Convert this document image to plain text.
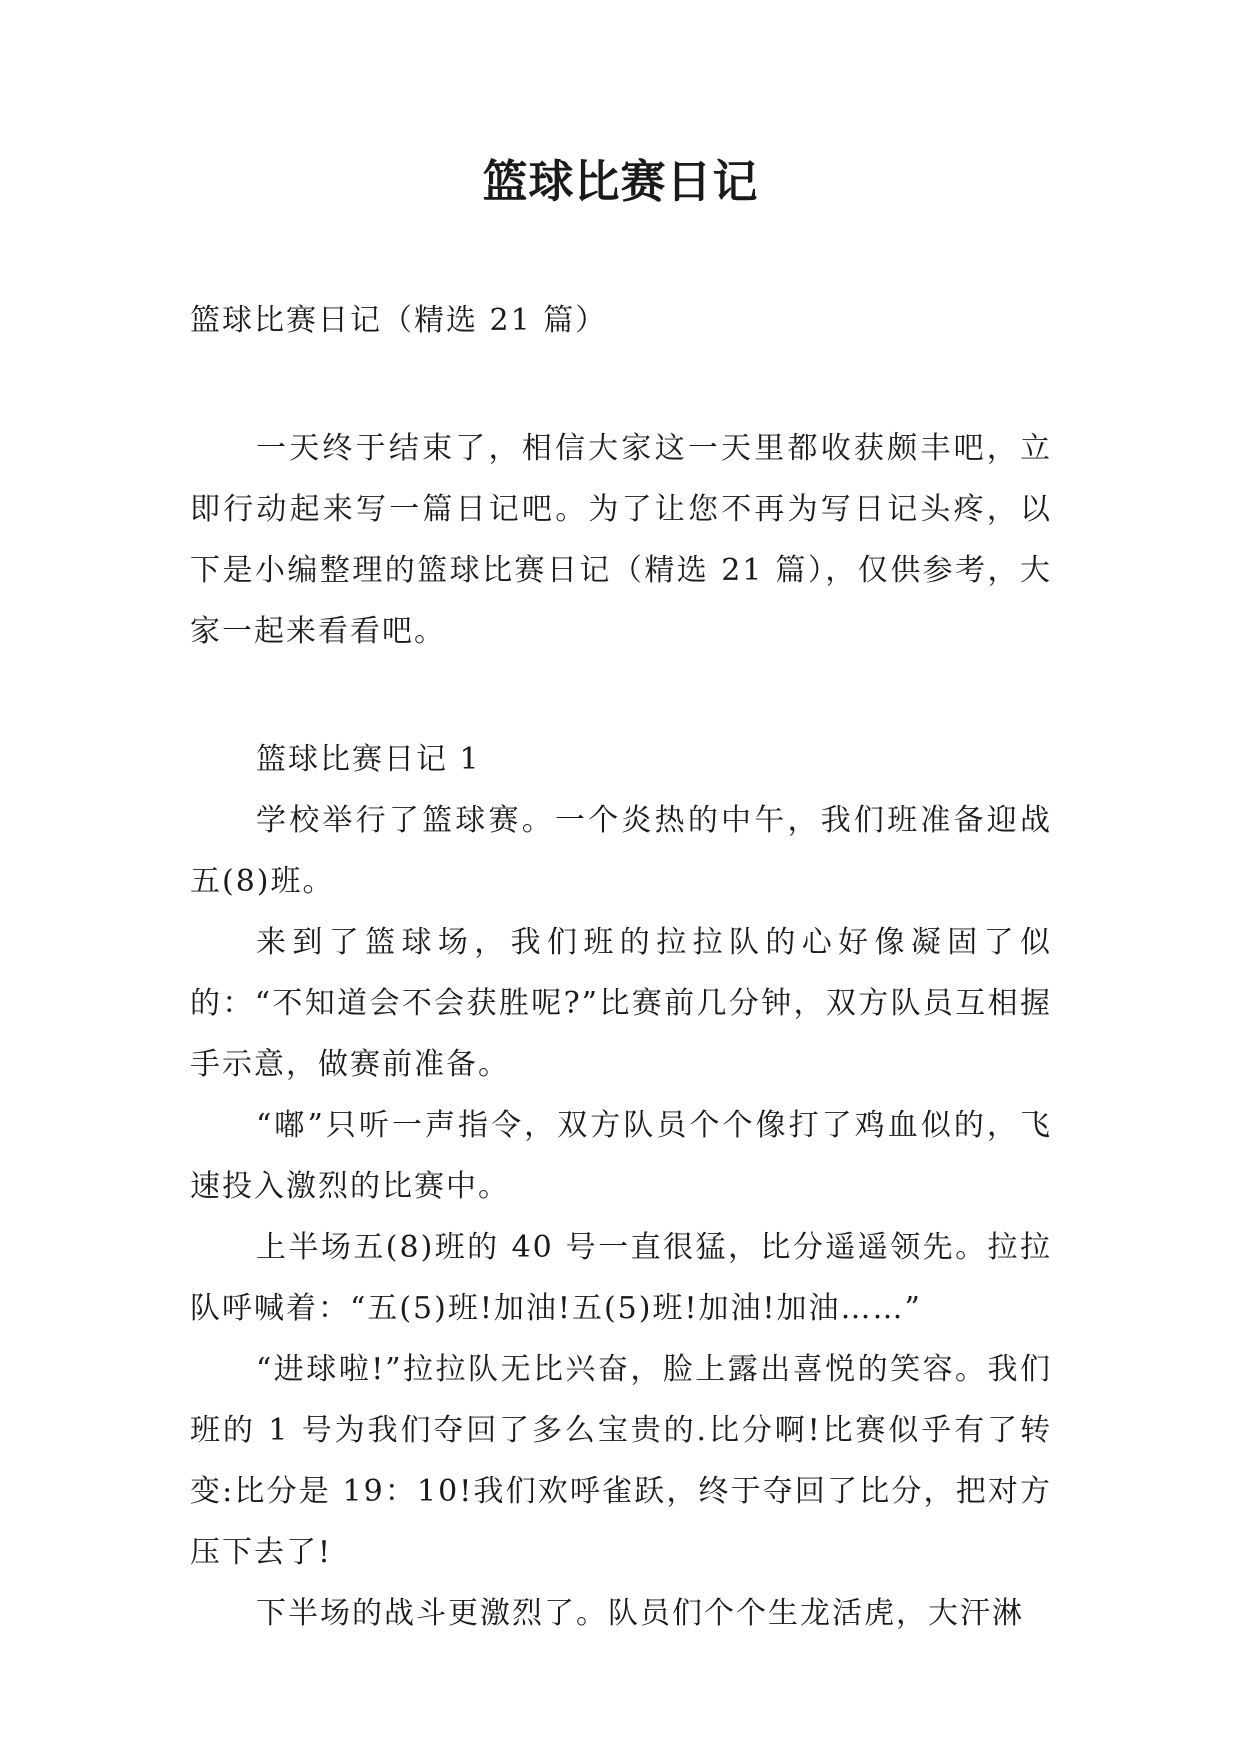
篮球比赛日记

篮球比赛日记（精选 21 篇）

一天终于结束了，相信大家这一天里都收获颇丰吧，立即行动起来写一篇日记吧。为了让您不再为写日记头疼，以下是小编整理的篮球比赛日记（精选 21 篇），仅供参考，大家一起来看看吧。

篮球比赛日记 1

学校举行了篮球赛。一个炎热的中午，我们班准备迎战五(8)班。

来到了篮球场，我们班的拉拉队的心好像凝固了似的：“不知道会不会获胜呢?”比赛前几分钟，双方队员互相握手示意，做赛前准备。

“嘟”只听一声指令，双方队员个个像打了鸡血似的，飞速投入激烈的比赛中。

上半场五(8)班的 40 号一直很猛，比分遥遥领先。拉拉队呼喊着：“五(5)班!加油!五(5)班!加油!加油……”

“进球啦!”拉拉队无比兴奋，脸上露出喜悦的笑容。我们班的 1 号为我们夺回了多么宝贵的.比分啊!比赛似乎有了转变:比分是 19：10!我们欢呼雀跃，终于夺回了比分，把对方压下去了!

下半场的战斗更激烈了。队员们个个生龙活虎，大汗淋
